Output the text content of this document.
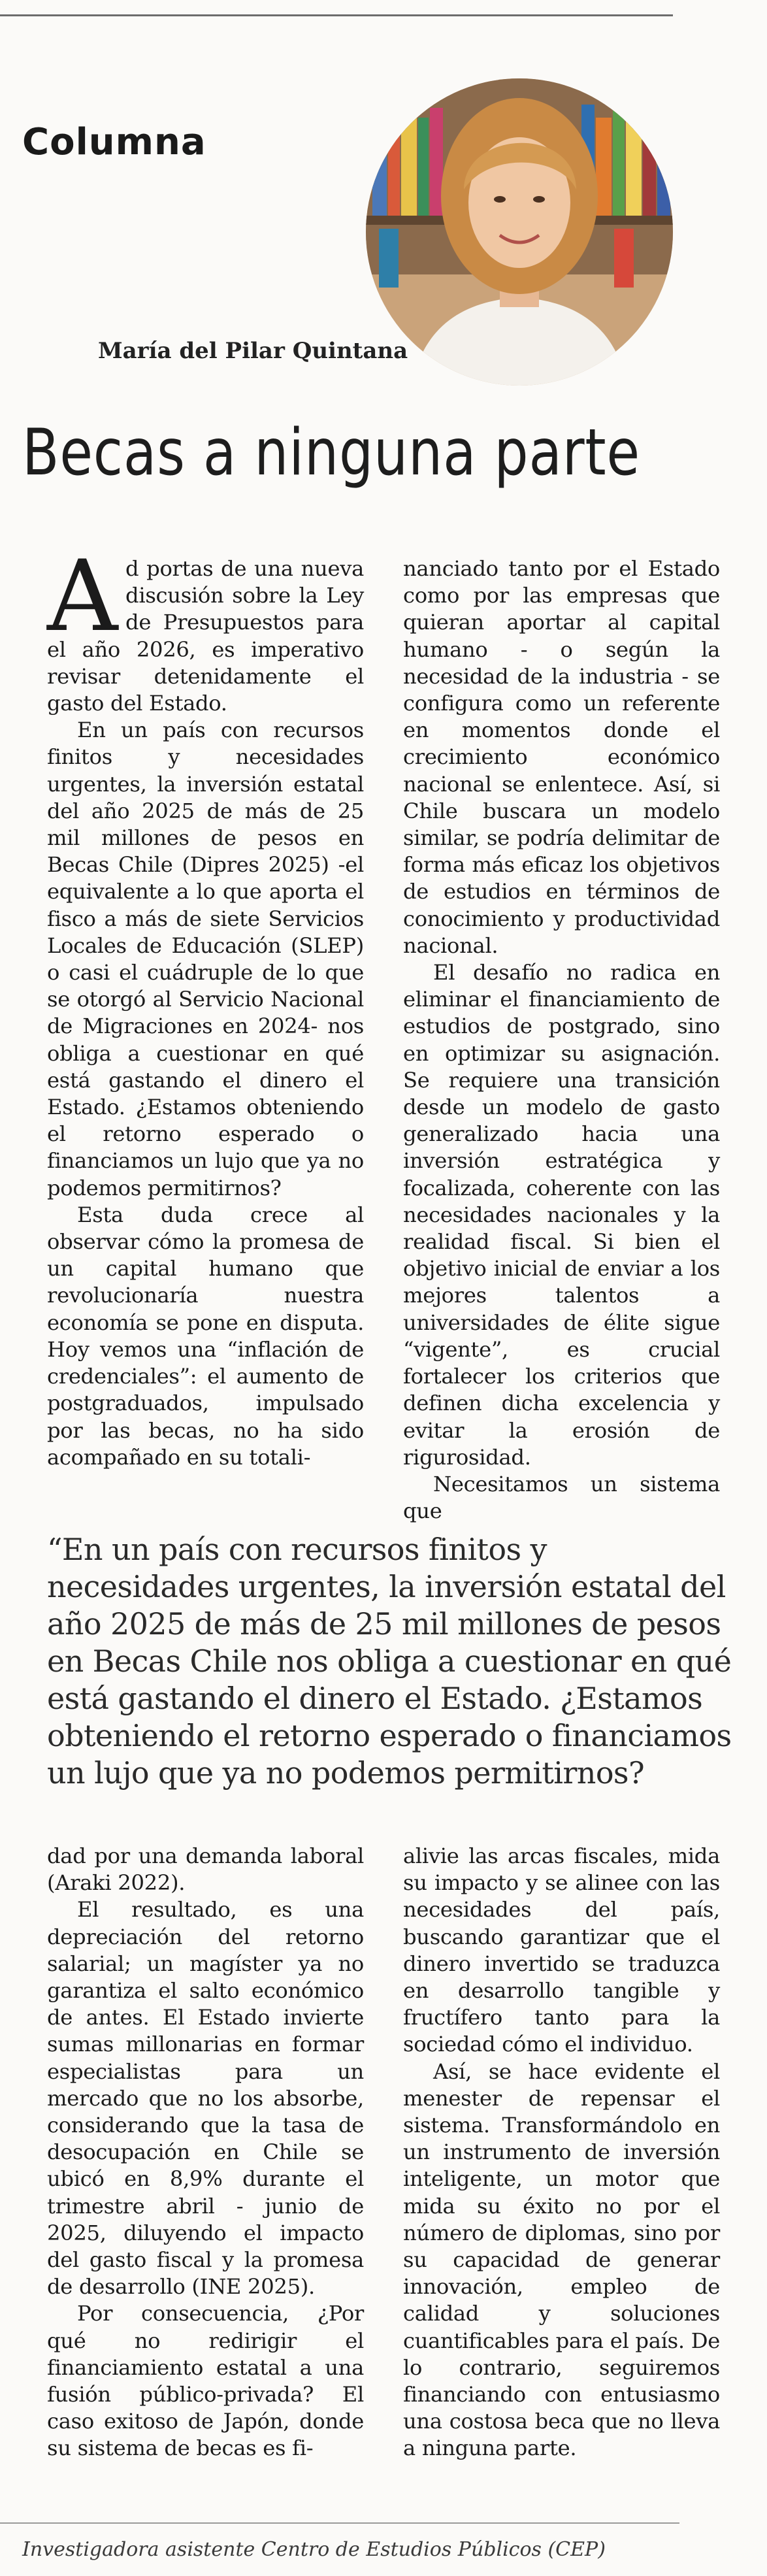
Columna
María del Pilar Quintana
Becas a ninguna parte

Ad portas de una nueva discusión sobre la Ley de Presupuestos para el año 2026, es imperativo revisar detenidamente el gasto del Estado.

En un país con recursos finitos y necesidades urgentes, la inversión estatal del año 2025 de más de 25 mil millones de pesos en Becas Chile (Dipres 2025) -el equivalente a lo que aporta el fisco a más de siete Servicios Locales de Educación (SLEP) o casi el cuádruple de lo que se otorgó al Servicio Nacional de Migraciones en 2024- nos obliga a cuestionar en qué está gastando el dinero el Estado. ¿Estamos obteniendo el retorno esperado o financiamos un lujo que ya no podemos permitirnos?

Esta duda crece al observar cómo la promesa de un capital humano que revolucionaría nuestra economía se pone en disputa. Hoy vemos una “inflación de credenciales”: el aumento de postgraduados, impulsado por las becas, no ha sido acompañado en su totali-

nanciado tanto por el Estado como por las empresas que quieran aportar al capital humano - o según la necesidad de la industria - se configura como un referente en momentos donde el crecimiento económico nacional se enlentece. Así, si Chile buscara un modelo similar, se podría delimitar de forma más eficaz los objetivos de estudios en términos de conocimiento y productividad nacional.

El desafío no radica en eliminar el financiamiento de estudios de postgrado, sino en optimizar su asignación. Se requiere una transición desde un modelo de gasto generalizado hacia una inversión estratégica y focalizada, coherente con las necesidades nacionales y la realidad fiscal. Si bien el objetivo inicial de enviar a los mejores talentos a universidades de élite sigue “vigente”, es crucial fortalecer los criterios que definen dicha excelencia y evitar la erosión de rigurosidad.

Necesitamos un sistema que

“En un país con recursos finitos y necesidades urgentes, la inversión estatal del año 2025 de más de 25 mil millones de pesos en Becas Chile nos obliga a cuestionar en qué está gastando el dinero el Estado. ¿Estamos obteniendo el retorno esperado o financiamos un lujo que ya no podemos permitirnos?

dad por una demanda laboral (Araki 2022).

El resultado, es una depreciación del retorno salarial; un magíster ya no garantiza el salto económico de antes. El Estado invierte sumas millonarias en formar especialistas para un mercado que no los absorbe, considerando que la tasa de desocupación en Chile se ubicó en 8,9% durante el trimestre abril - junio de 2025, diluyendo el impacto del gasto fiscal y la promesa de desarrollo (INE 2025).

Por consecuencia, ¿Por qué no redirigir el financiamiento estatal a una fusión público-privada? El caso exitoso de Japón, donde su sistema de becas es fi-

alivie las arcas fiscales, mida su impacto y se alinee con las necesidades del país, buscando garantizar que el dinero invertido se traduzca en desarrollo tangible y fructífero tanto para la sociedad cómo el individuo.

Así, se hace evidente el menester de repensar el sistema. Transformándolo en un instrumento de inversión inteligente, un motor que mida su éxito no por el número de diplomas, sino por su capacidad de generar innovación, empleo de calidad y soluciones cuantificables para el país. De lo contrario, seguiremos financiando con entusiasmo una costosa beca que no lleva a ninguna parte.

Investigadora asistente Centro de Estudios Públicos (CEP)
